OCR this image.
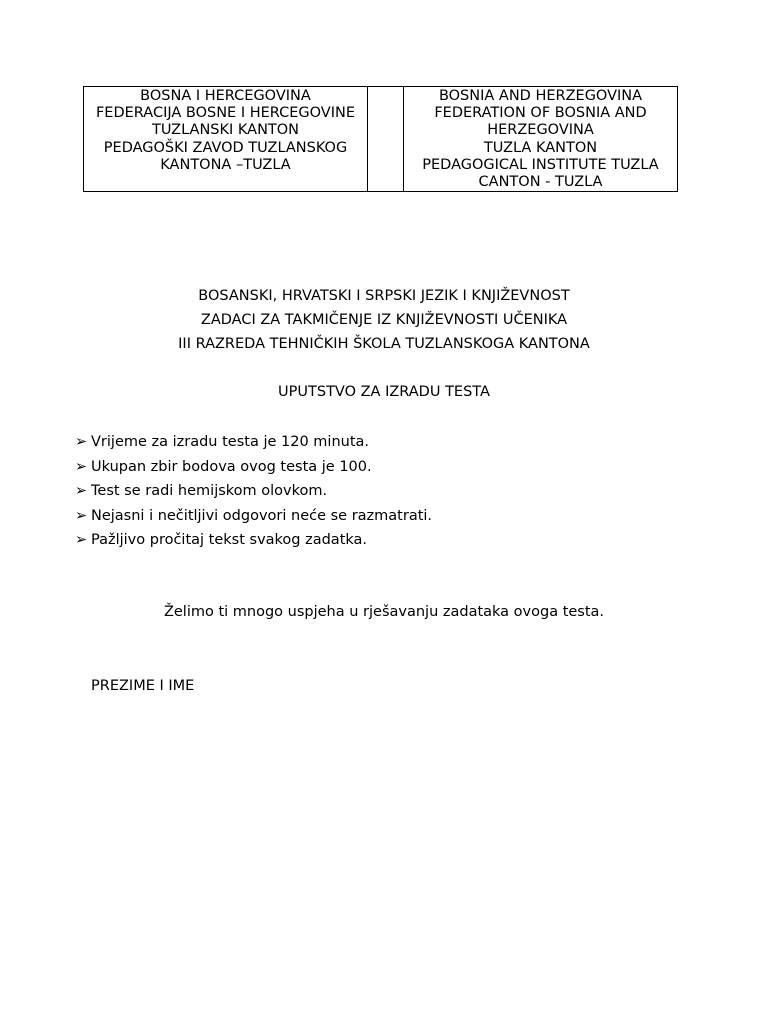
BOSNA I HERCEGOVINA
FEDERACIJA BOSNE I HERCEGOVINE
TUZLANSKI KANTON
PEDAGOŠKI ZAVOD TUZLANSKOG
KANTONA –TUZLA

BOSNIA AND HERZEGOVINA
FEDERATION OF BOSNIA AND
HERZEGOVINA
TUZLA KANTON
PEDAGOGICAL INSTITUTE TUZLA
CANTON - TUZLA
BOSANSKI, HRVATSKI I SRPSKI JEZIK I KNJIŽEVNOST
ZADACI ZA TAKMIČENJE IZ KNJIŽEVNOSTI UČENIKA
III RAZREDA TEHNIČKIH ŠKOLA TUZLANSKOGA KANTONA
UPUTSTVO ZA IZRADU TESTA
➢ Vrijeme za izradu testa je 120 minuta.
➢ Ukupan zbir bodova ovog testa je 100.
➢ Test se radi hemijskom olovkom.
➢ Nejasni i nečitljivi odgovori neće se razmatrati.
➢ Pažljivo pročitaj tekst svakog zadatka.
Želimo ti mnogo uspjeha u rješavanju zadataka ovoga testa.
PREZIME I IME
